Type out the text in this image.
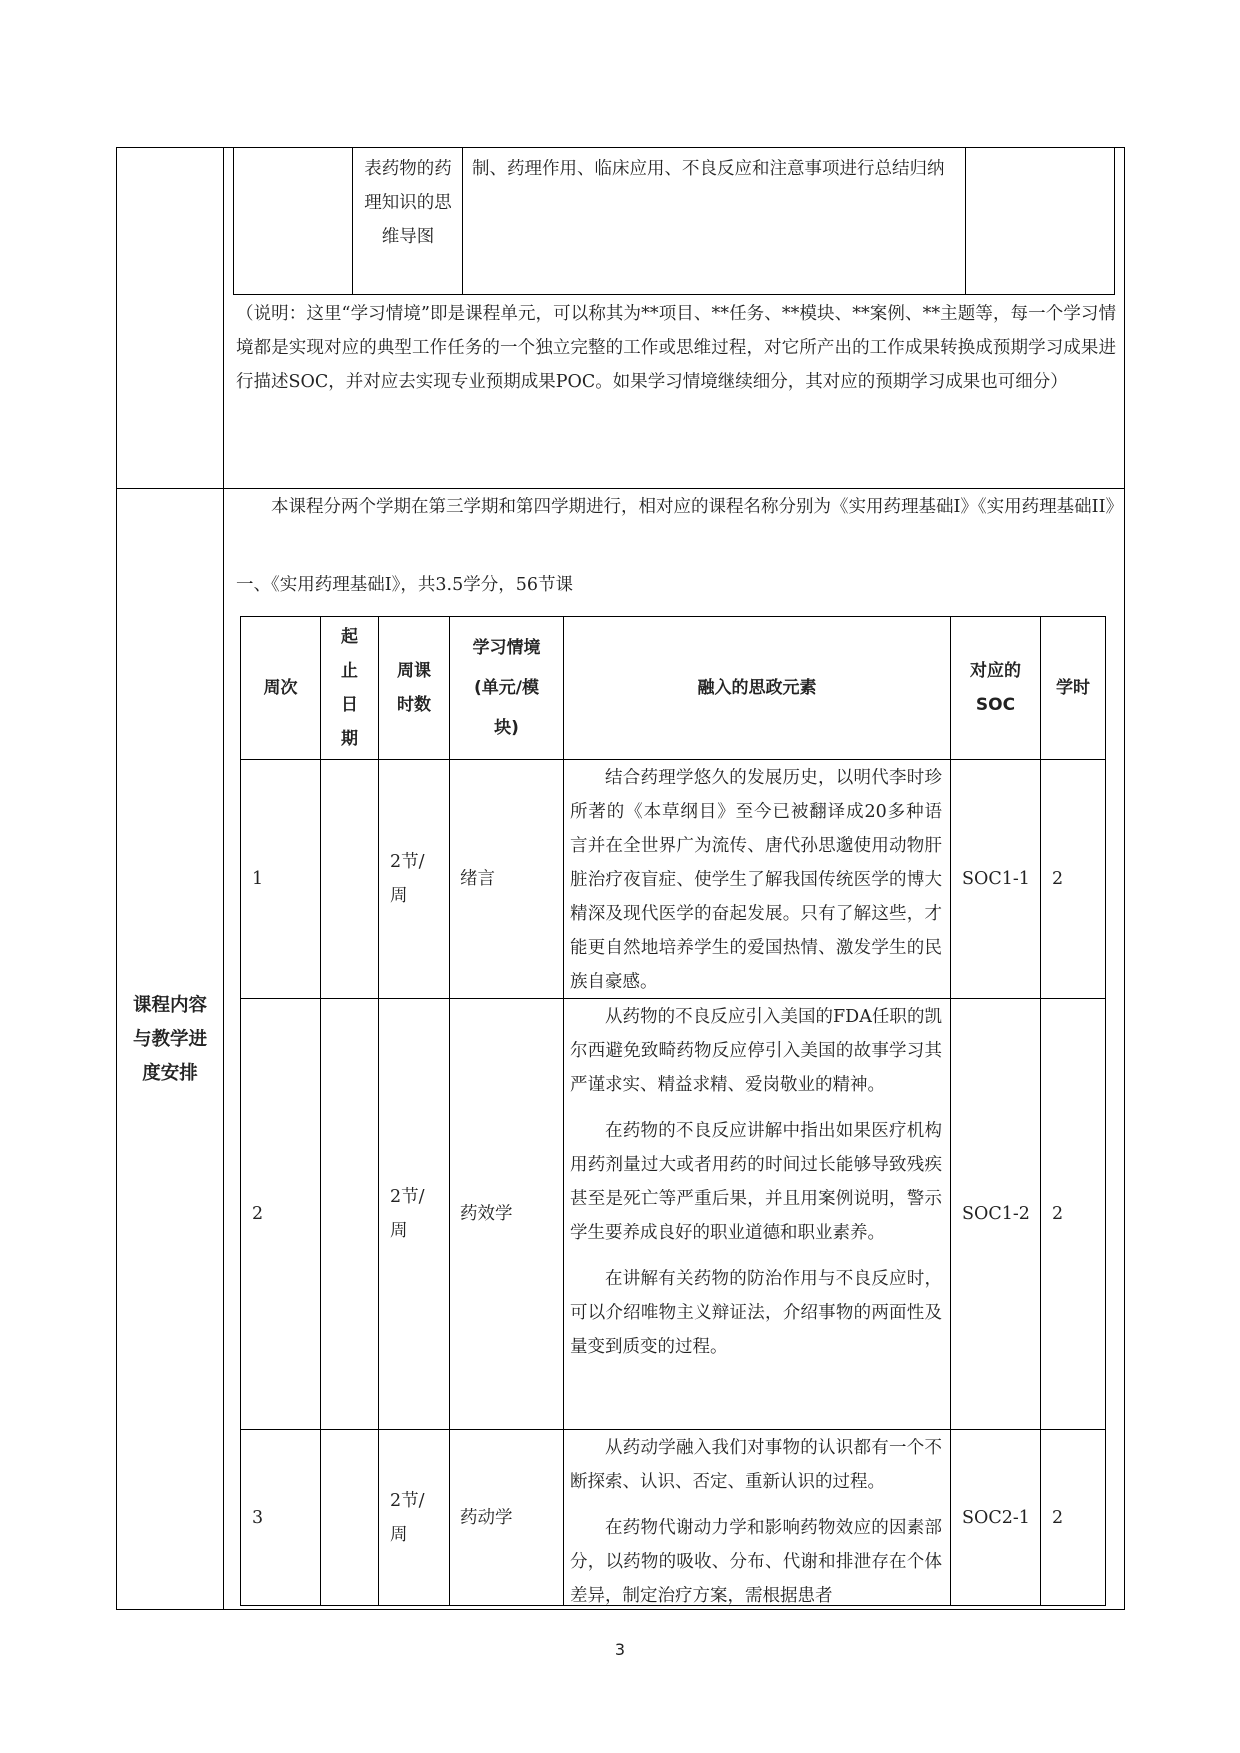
表药物的药理知识的思维导图
制、药理作用、临床应用、不良反应和注意事项进行总结归纳
（说明：这里“学习情境”即是课程单元，可以称其为**项目、**任务、**模块、**案例、**主题等，每一个学习情境都是实现对应的典型工作任务的一个独立完整的工作或思维过程，对它所产出的工作成果转换成预期学习成果进行描述SOC，并对应去实现专业预期成果POC。如果学习情境继续细分，其对应的预期学习成果也可细分）
课程内容与教学进度安排

本课程分两个学期在第三学期和第四学期进行，相对应的课程名称分别为《实用药理基础I》《实用药理基础II》

一、《实用药理基础I》，共3.5学分，56节课
周次
起止日期
周课时数
学习情境(单元/模块)
融入的思政元素
对应的SOC
学时
1
2节/周
绪言

结合药理学悠久的发展历史，以明代李时珍所著的《本草纲目》至今已被翻译成20多种语言并在全世界广为流传、唐代孙思邈使用动物肝脏治疗夜盲症、使学生了解我国传统医学的博大精深及现代医学的奋起发展。只有了解这些，才能更自然地培养学生的爱国热情、激发学生的民族自豪感。

SOC1-1 2
2
2节/周
药效学

从药物的不良反应引入美国的FDA任职的凯尔西避免致畸药物反应停引入美国的故事学习其严谨求实、精益求精、爱岗敬业的精神。

在药物的不良反应讲解中指出如果医疗机构用药剂量过大或者用药的时间过长能够导致残疾甚至是死亡等严重后果，并且用案例说明，警示学生要养成良好的职业道德和职业素养。

在讲解有关药物的防治作用与不良反应时，可以介绍唯物主义辩证法，介绍事物的两面性及量变到质变的过程。

SOC1-2 2
3
2节/周
药动学

从药动学融入我们对事物的认识都有一个不断探索、认识、否定、重新认识的过程。

在药物代谢动力学和影响药物效应的因素部分，以药物的吸收、分布、代谢和排泄存在个体差异，制定治疗方案，需根据患者

SOC2-1 2
3
